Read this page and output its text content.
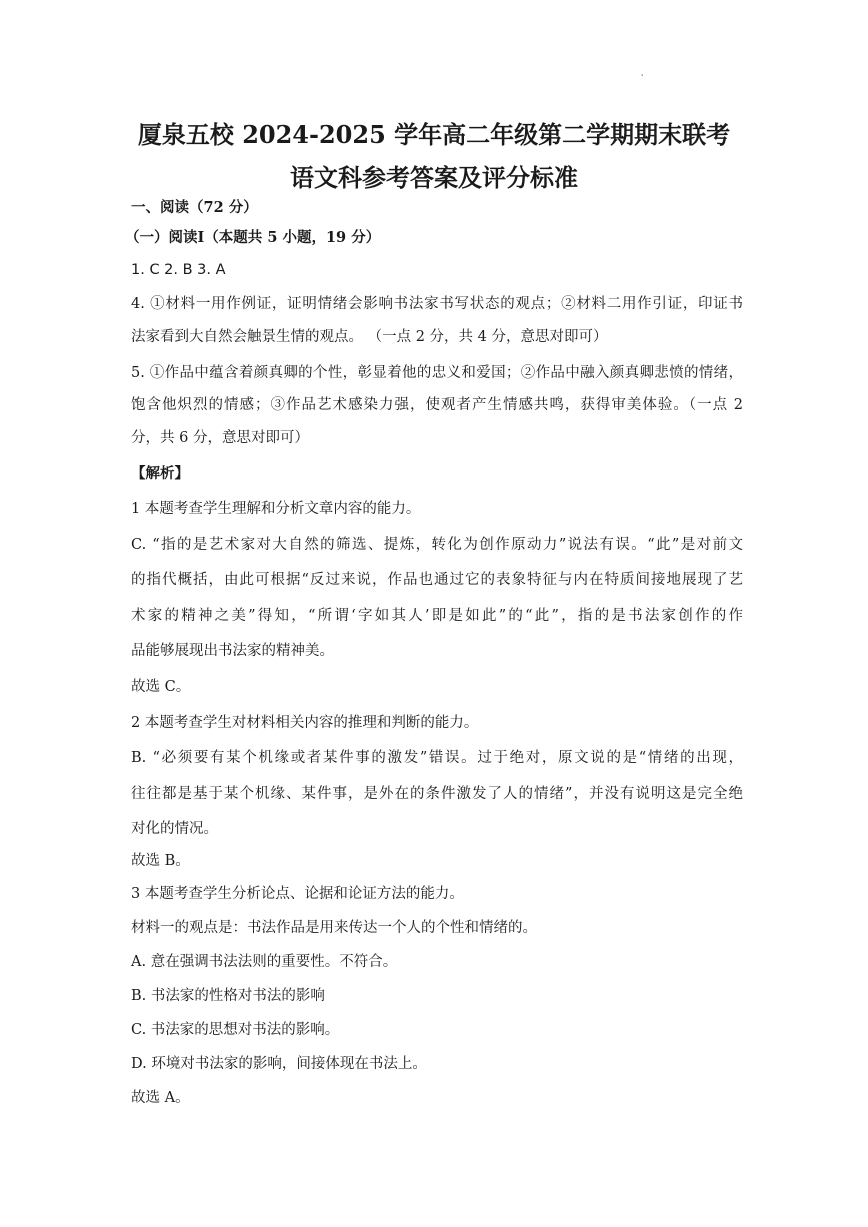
'
厦泉五校 2024-2025 学年高二年级第二学期期末联考
语文科参考答案及评分标准
一、阅读（72 分）
（一）阅读Ⅰ（本题共 5 小题，19 分）
1. C 2. B 3. A
4. ①材料一用作例证，证明情绪会影响书法家书写状态的观点；②材料二用作引证，印证书
法家看到大自然会触景生情的观点。 （一点 2 分，共 4 分，意思对即可）
5. ①作品中蕴含着颜真卿的个性，彰显着他的忠义和爱国；②作品中融入颜真卿悲愤的情绪，
饱含他炽烈的情感；③作品艺术感染力强，使观者产生情感共鸣，获得审美体验。（一点 2
分，共 6 分，意思对即可）
【解析】
1 本题考查学生理解和分析文章内容的能力。
C. “指的是艺术家对大自然的筛选、提炼，转化为创作原动力”说法有误。“此”是对前文
的指代概括，由此可根据“反过来说，作品也通过它的表象特征与内在特质间接地展现了艺
术家的精神之美”得知，“所谓‘字如其人’即是如此”的“此”，指的是书法家创作的作
品能够展现出书法家的精神美。
故选 C。
2 本题考查学生对材料相关内容的推理和判断的能力。
B. “必须要有某个机缘或者某件事的激发”错误。过于绝对，原文说的是“情绪的出现，
往往都是基于某个机缘、某件事，是外在的条件激发了人的情绪”，并没有说明这是完全绝
对化的情况。
故选 B。
3 本题考查学生分析论点、论据和论证方法的能力。
材料一的观点是：书法作品是用来传达一个人的个性和情绪的。
A. 意在强调书法法则的重要性。不符合。
B. 书法家的性格对书法的影响
C. 书法家的思想对书法的影响。
D. 环境对书法家的影响，间接体现在书法上。
故选 A。
